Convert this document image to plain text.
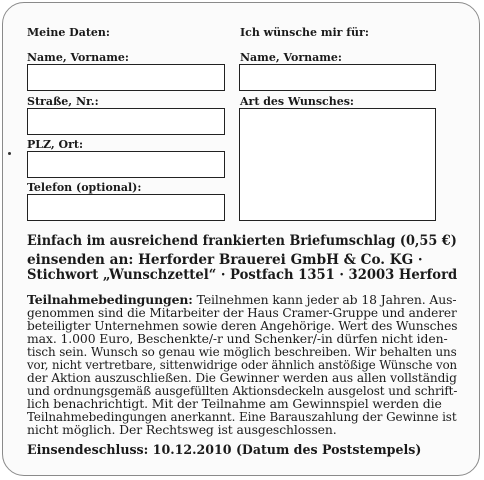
Meine Daten:
Name, Vorname:
Straße, Nr.:
PLZ, Ort:
Telefon (optional):
Ich wünsche mir für:
Name, Vorname:
Art des Wunsches:
Einfach im ausreichend frankierten Briefumschlag (0,55 €)
einsenden an: Herforder Brauerei GmbH & Co. KG ·
Stichwort „Wunschzettel“ · Postfach 1351 · 32003 Herford
Teilnahmebedingungen: Teilnehmen kann jeder ab 18 Jahren. Aus-
genommen sind die Mitarbeiter der Haus Cramer-Gruppe und anderer
beteiligter Unternehmen sowie deren Angehörige. Wert des Wunsches
max. 1.000 Euro, Beschenkte/-r und Schenker/-in dürfen nicht iden-
tisch sein. Wunsch so genau wie möglich beschreiben. Wir behalten uns
vor, nicht vertretbare, sittenwidrige oder ähnlich anstößige Wünsche von
der Aktion auszuschließen. Die Gewinner werden aus allen vollständig
und ordnungsgemäß ausgefüllten Aktionsdeckeln ausgelost und schrift-
lich benachrichtigt. Mit der Teilnahme am Gewinnspiel werden die
Teilnahmebedingungen anerkannt. Eine Barauszahlung der Gewinne ist
nicht möglich. Der Rechtsweg ist ausgeschlossen.
Einsendeschluss: 10.12.2010 (Datum des Poststempels)
